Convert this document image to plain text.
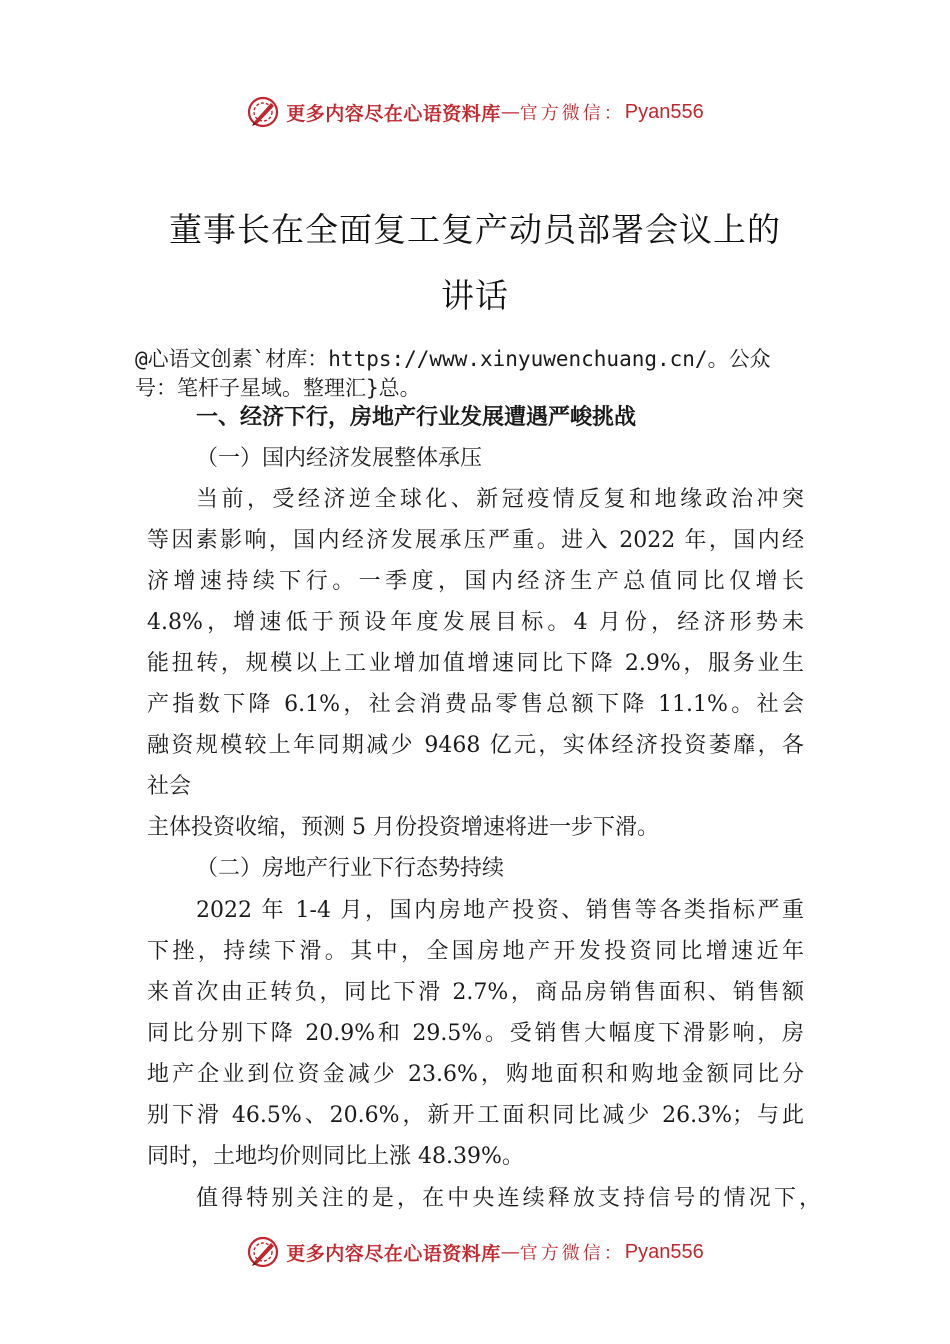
更多内容尽在心语资料库 — 官方微信： Pyan556
董事长在全面复工复产动员部署会议上的
讲话
@心语文创素`材库：https://www.xinyuwenchuang.cn/。公众
号：笔杆子星域。整理汇}总。
一、经济下行，房地产行业发展遭遇严峻挑战
（一）国内经济发展整体承压
当前，受经济逆全球化、新冠疫情反复和地缘政治冲突
等因素影响，国内经济发展承压严重。进入 2022 年，国内经
济增速持续下行。一季度，国内经济生产总值同比仅增长
4.8%，增速低于预设年度发展目标。4 月份，经济形势未
能扭转，规模以上工业增加值增速同比下降 2.9%，服务业生
产指数下降 6.1%，社会消费品零售总额下降 11.1%。社会
融资规模较上年同期减少 9468 亿元，实体经济投资萎靡，各
社会
主体投资收缩，预测 5 月份投资增速将进一步下滑。
（二）房地产行业下行态势持续
2022 年 1-4 月，国内房地产投资、销售等各类指标严重
下挫，持续下滑。其中，全国房地产开发投资同比增速近年
来首次由正转负，同比下滑 2.7%，商品房销售面积、销售额
同比分别下降 20.9%和 29.5%。受销售大幅度下滑影响，房
地产企业到位资金减少 23.6%，购地面积和购地金额同比分
别下滑 46.5%、20.6%，新开工面积同比减少 26.3%；与此
同时，土地均价则同比上涨 48.39%。
值得特别关注的是，在中央连续释放支持信号的情况下，
更多内容尽在心语资料库 — 官方微信： Pyan556
